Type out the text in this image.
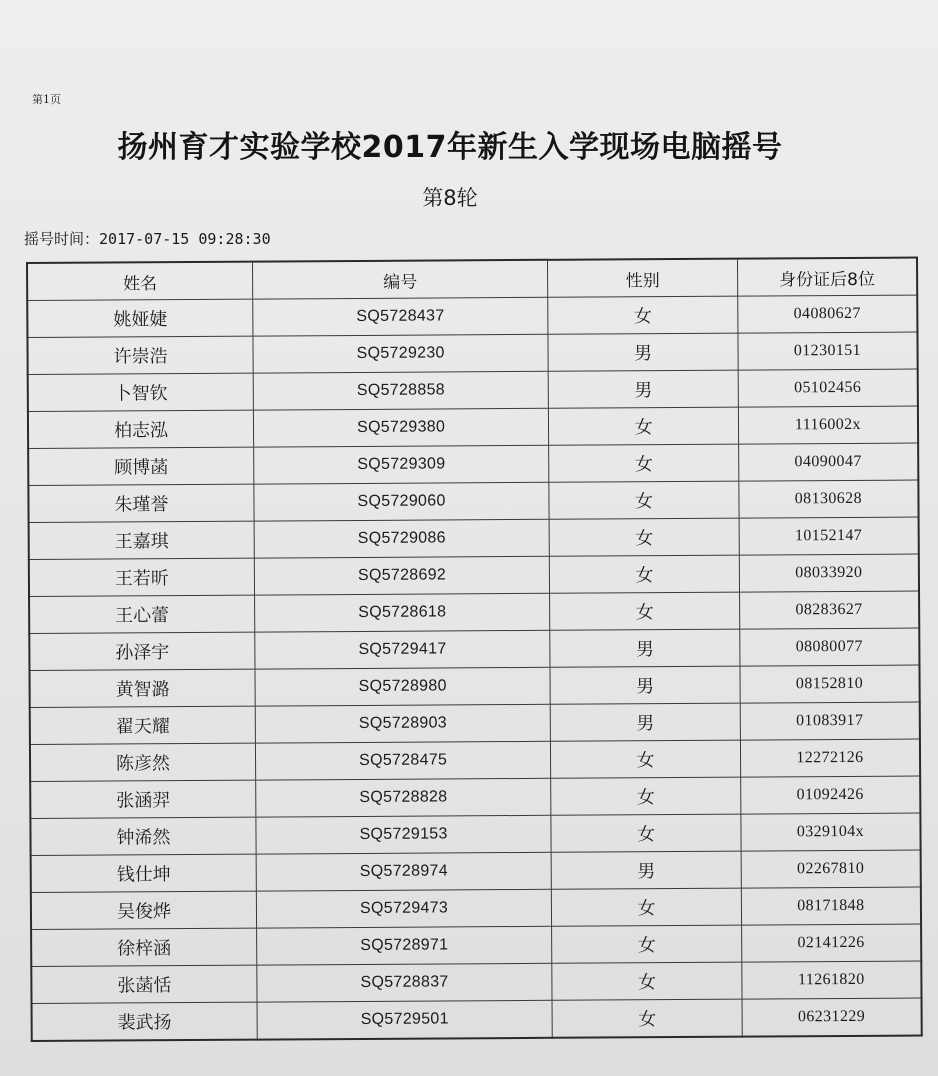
第1页
扬州育才实验学校2017年新生入学现场电脑摇号
第8轮
摇号时间：2017-07-15 09:28:30
姓名	编号	性别	身份证后8位
姚娅婕	SQ5728437	女	04080627
许崇浩	SQ5729230	男	01230151
卜智钦	SQ5728858	男	05102456
柏志泓	SQ5729380	女	1116002x
顾博菡	SQ5729309	女	04090047
朱瑾誉	SQ5729060	女	08130628
王嘉琪	SQ5729086	女	10152147
王若昕	SQ5728692	女	08033920
王心蕾	SQ5728618	女	08283627
孙泽宇	SQ5729417	男	08080077
黄智潞	SQ5728980	男	08152810
翟天耀	SQ5728903	男	01083917
陈彦然	SQ5728475	女	12272126
张涵羿	SQ5728828	女	01092426
钟浠然	SQ5729153	女	0329104x
钱仕坤	SQ5728974	男	02267810
吴俊烨	SQ5729473	女	08171848
徐梓涵	SQ5728971	女	02141226
张菡恬	SQ5728837	女	11261820
裴武扬	SQ5729501	女	06231229
